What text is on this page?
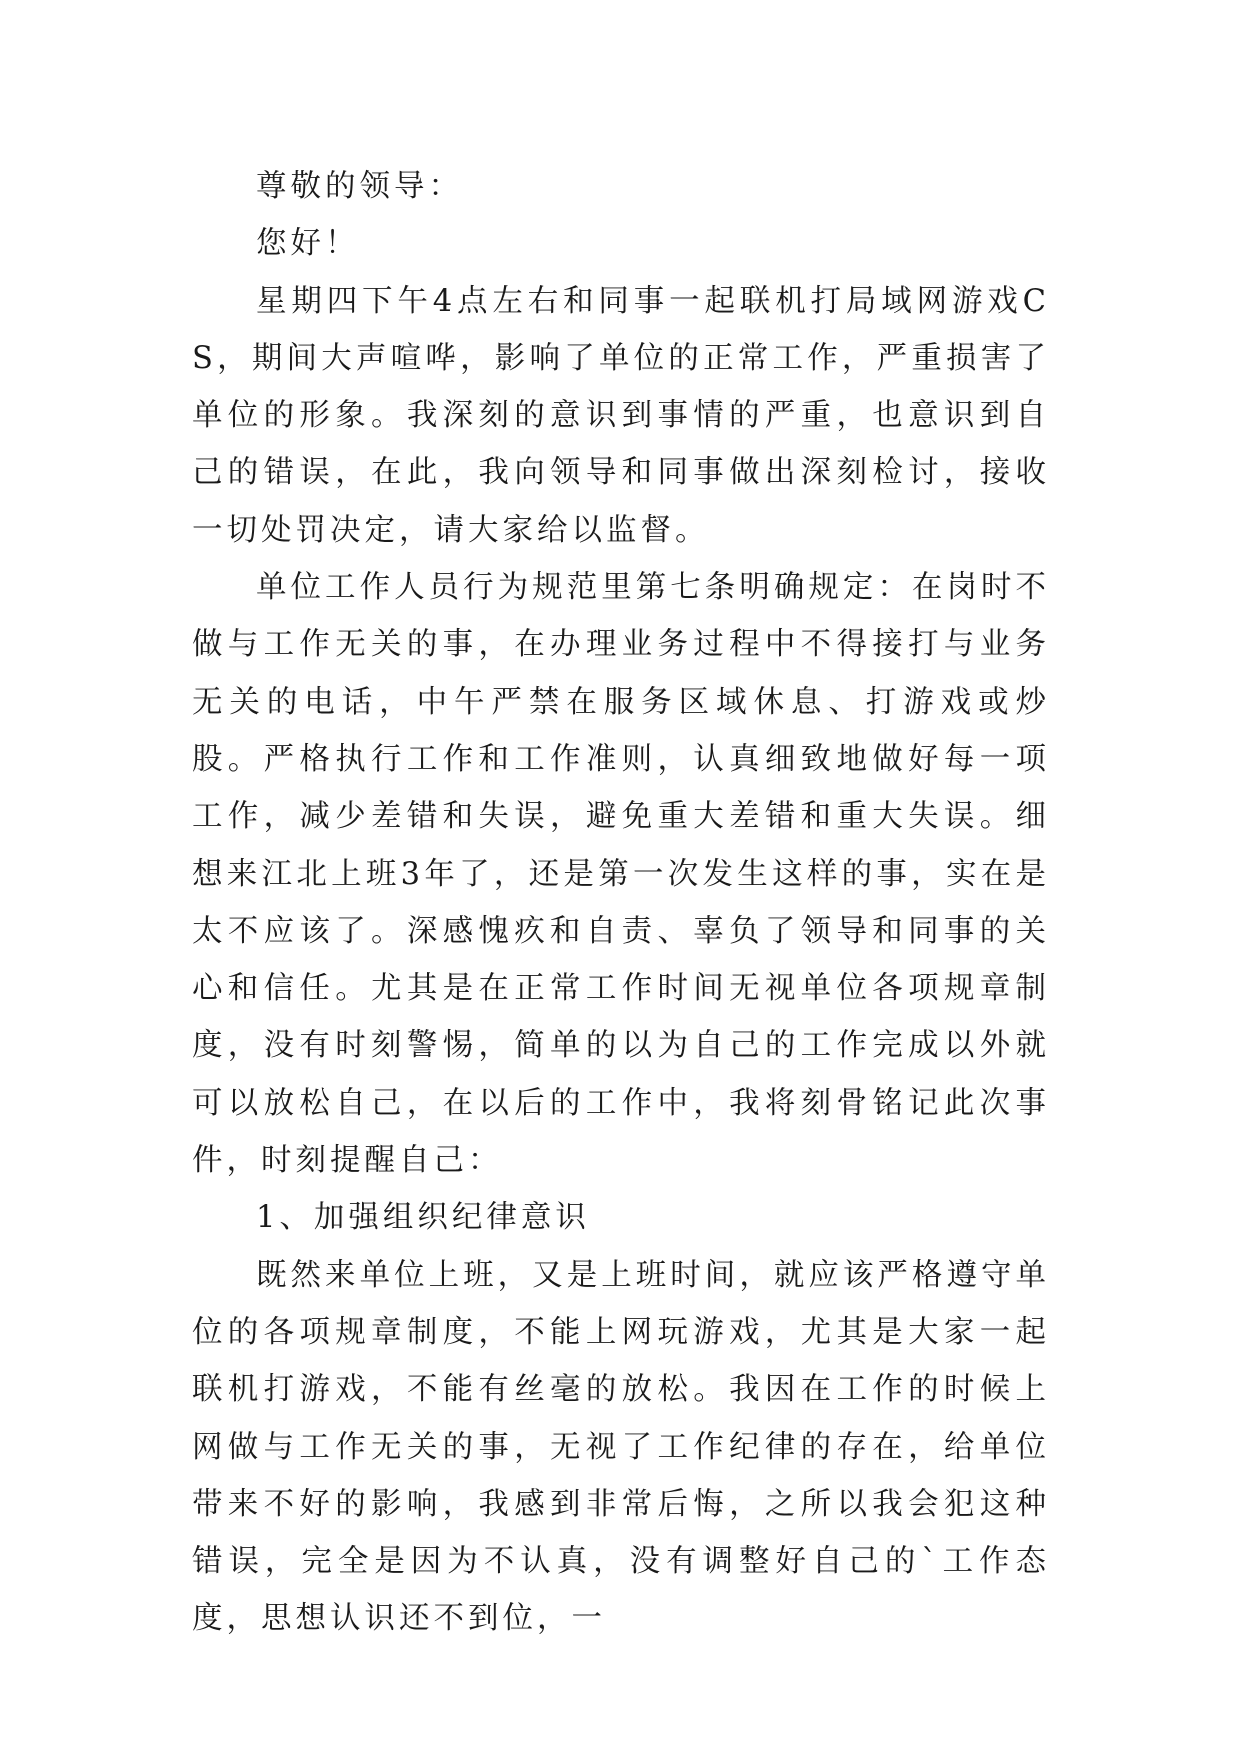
尊敬的领导：

您好！

星期四下午4点左右和同事一起联机打局域网游戏CS，期间大声喧哗，影响了单位的正常工作，严重损害了单位的形象。我深刻的意识到事情的严重，也意识到自己的错误，在此，我向领导和同事做出深刻检讨，接收一切处罚决定，请大家给以监督。

单位工作人员行为规范里第七条明确规定：在岗时不做与工作无关的事，在办理业务过程中不得接打与业务无关的电话，中午严禁在服务区域休息、打游戏或炒股。严格执行工作和工作准则，认真细致地做好每一项工作，减少差错和失误，避免重大差错和重大失误。细想来江北上班3年了，还是第一次发生这样的事，实在是太不应该了。深感愧疚和自责、辜负了领导和同事的关心和信任。尤其是在正常工作时间无视单位各项规章制度，没有时刻警惕，简单的以为自己的工作完成以外就可以放松自己，在以后的工作中，我将刻骨铭记此次事件，时刻提醒自己：

1、加强组织纪律意识

既然来单位上班，又是上班时间，就应该严格遵守单位的各项规章制度，不能上网玩游戏，尤其是大家一起联机打游戏，不能有丝毫的放松。我因在工作的时候上网做与工作无关的事，无视了工作纪律的存在，给单位带来不好的影响，我感到非常后悔，之所以我会犯这种错误，完全是因为不认真，没有调整好自己的`工作态度，思想认识还不到位，一
